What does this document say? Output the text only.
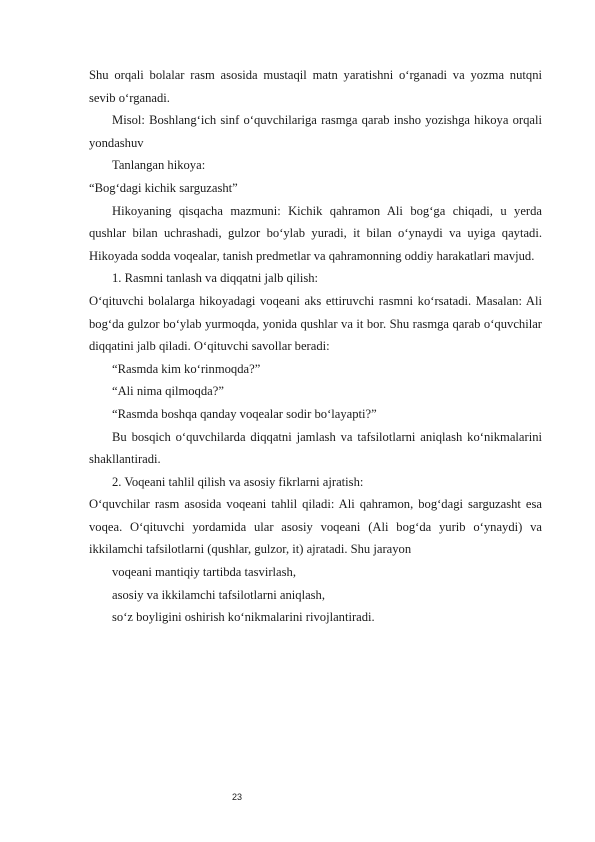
Shu orqali bolalar rasm asosida mustaqil matn yaratishni o‘rganadi va yozma nutqni sevib o‘rganadi.

Misol: Boshlang‘ich sinf o‘quvchilariga rasmga qarab insho yozishga hikoya orqali yondashuv

Tanlangan hikoya:

“Bog‘dagi kichik sarguzasht”

Hikoyaning qisqacha mazmuni: Kichik qahramon Ali bog‘ga chiqadi, u yerda qushlar bilan uchrashadi, gulzor bo‘ylab yuradi, it bilan o‘ynaydi va uyiga qaytadi. Hikoyada sodda voqealar, tanish predmetlar va qahramonning oddiy harakatlari mavjud.

1. Rasmni tanlash va diqqatni jalb qilish:

O‘qituvchi bolalarga hikoyadagi voqeani aks ettiruvchi rasmni ko‘rsatadi. Masalan: Ali bog‘da gulzor bo‘ylab yurmoqda, yonida qushlar va it bor. Shu rasmga qarab o‘quvchilar diqqatini jalb qiladi. O‘qituvchi savollar beradi:

“Rasmda kim ko‘rinmoqda?”

“Ali nima qilmoqda?”

“Rasmda boshqa qanday voqealar sodir bo‘layapti?”

Bu bosqich o‘quvchilarda diqqatni jamlash va tafsilotlarni aniqlash ko‘nikmalarini shakllantiradi.

2. Voqeani tahlil qilish va asosiy fikrlarni ajratish:

O‘quvchilar rasm asosida voqeani tahlil qiladi: Ali qahramon, bog‘dagi sarguzasht esa voqea. O‘qituvchi yordamida ular asosiy voqeani (Ali bog‘da yurib o‘ynaydi) va ikkilamchi tafsilotlarni (qushlar, gulzor, it) ajratadi. Shu jarayon

voqeani mantiqiy tartibda tasvirlash,

asosiy va ikkilamchi tafsilotlarni aniqlash,

so‘z boyligini oshirish ko‘nikmalarini rivojlantiradi.

23
